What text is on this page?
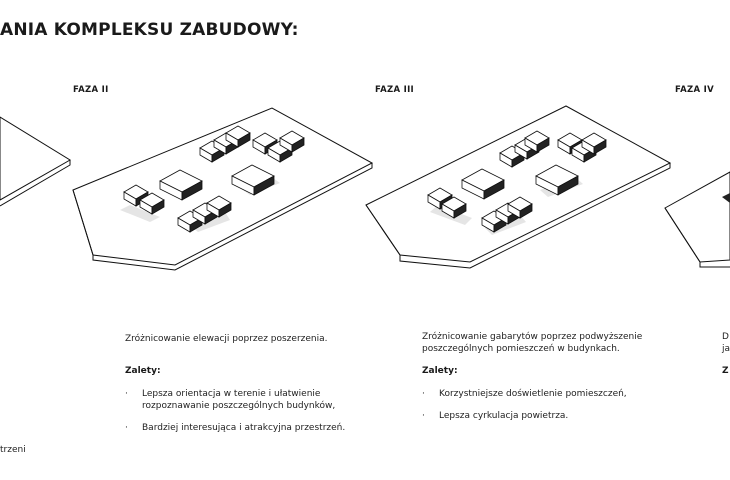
ANIA KOMPLEKSU ZABUDOWY:
FAZA II	FAZA III	FAZA IV
trzeni
Zróżnicowanie elewacji poprzez poszerzenia.
Zalety:
· Lepsza orientacja w terenie i ułatwienie
rozpoznawanie poszczególnych budynków,
· Bardziej interesująca i atrakcyjna przestrzeń.
Zróżnicowanie gabarytów poprzez podwyższenie
poszczególnych pomieszczeń w budynkach.
Zalety:
· Korzystniejsze doświetlenie pomieszczeń,
· Lepsza cyrkulacja powietrza.
D
ja
Z
